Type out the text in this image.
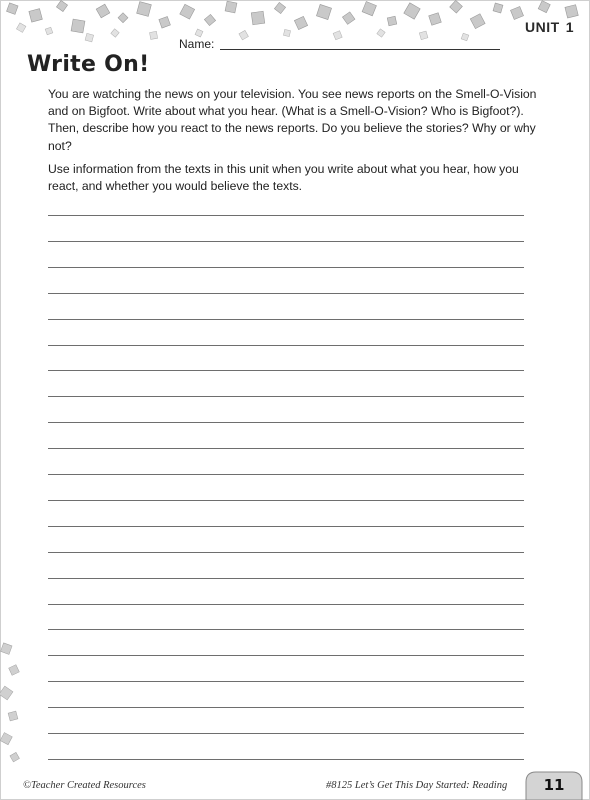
UNIT 1
Name:
Write On!
You are watching the news on your television. You see news reports on the Smell-O-Vision and on Bigfoot. Write about what you hear. (What is a Smell-O-Vision? Who is Bigfoot?). Then, describe how you react to the news reports. Do you believe the stories? Why or why not?
Use information from the texts in this unit when you write about what you hear, how you react, and whether you would believe the texts.
©Teacher Created Resources	#8125 Let’s Get This Day Started: Reading	11
